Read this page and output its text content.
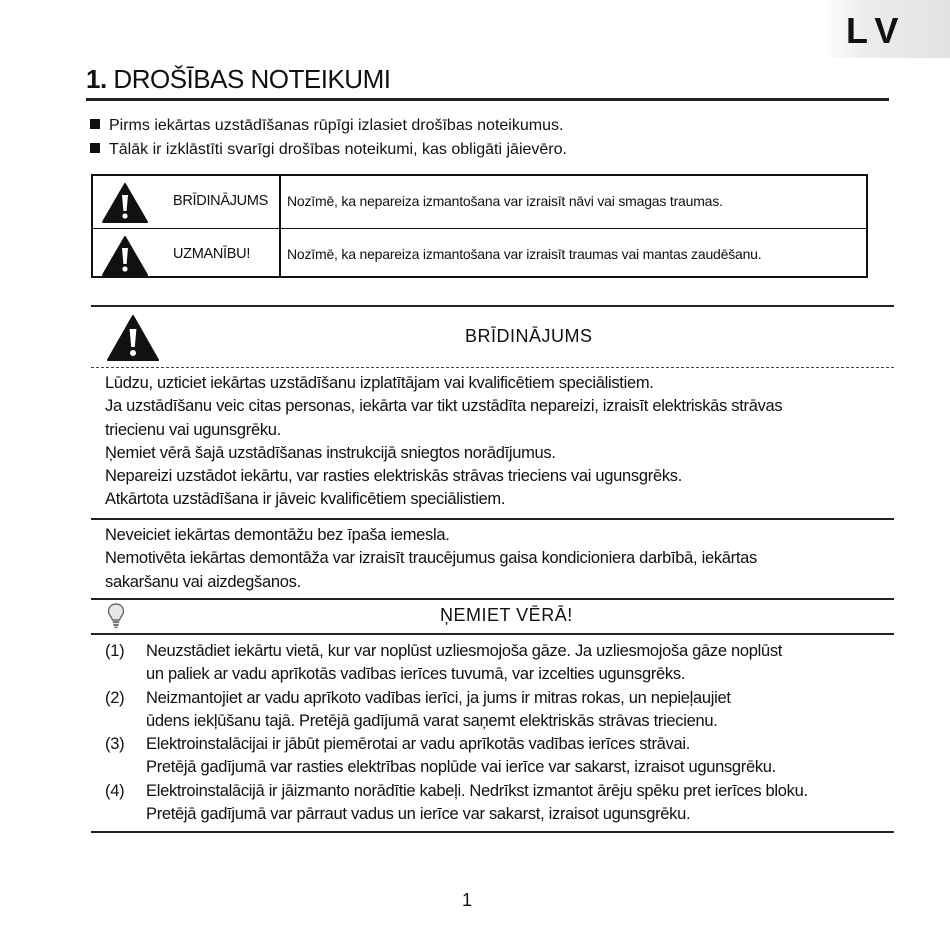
LV
1. DROŠĪBAS NOTEIKUMI
Pirms iekārtas uzstādīšanas rūpīgi izlasiet drošības noteikumus.
Tālāk ir izklāstīti svarīgi drošības noteikumi, kas obligāti jāievēro.
BRĪDINĀJUMS Nozīmē, ka nepareiza izmantošana var izraisīt nāvi vai smagas traumas.
UZMANĪBU!	Nozīmē, ka nepareiza izmantošana var izraisīt traumas vai mantas zaudēšanu.
BRĪDINĀJUMS

Lūdzu, uzticiet iekārtas uzstādīšanu izplatītājam vai kvalificētiem speciālistiem.

Ja uzstādīšanu veic citas personas, iekārta var tikt uzstādīta nepareizi, izraisīt elektriskās strāvas

triecienu vai ugunsgrēku.

Ņemiet vērā šajā uzstādīšanas instrukcijā sniegtos norādījumus.

Nepareizi uzstādot iekārtu, var rasties elektriskās strāvas trieciens vai ugunsgrēks.

Atkārtota uzstādīšana ir jāveic kvalificētiem speciālistiem.

Neveiciet iekārtas demontāžu bez īpaša iemesla.

Nemotivēta iekārtas demontāža var izraisīt traucējumus gaisa kondicioniera darbībā, iekārtas

sakaršanu vai aizdegšanos.

ŅEMIET VĒRĀ!
(1) Neuzstādiet iekārtu vietā, kur var noplūst uzliesmojoša gāze. Ja uzliesmojoša gāze noplūst

un paliek ar vadu aprīkotās vadības ierīces tuvumā, var izcelties ugunsgrēks.

(2) Neizmantojiet ar vadu aprīkoto vadības ierīci, ja jums ir mitras rokas, un nepieļaujiet

ūdens iekļūšanu tajā. Pretējā gadījumā varat saņemt elektriskās strāvas triecienu.

(3) Elektroinstalācijai ir jābūt piemērotai ar vadu aprīkotās vadības ierīces strāvai.

Pretējā gadījumā var rasties elektrības noplūde vai ierīce var sakarst, izraisot ugunsgrēku.

(4) Elektroinstalācijā ir jāizmanto norādītie kabeļi. Nedrīkst izmantot ārēju spēku pret ierīces bloku.

Pretējā gadījumā var pārraut vadus un ierīce var sakarst, izraisot ugunsgrēku.

1
